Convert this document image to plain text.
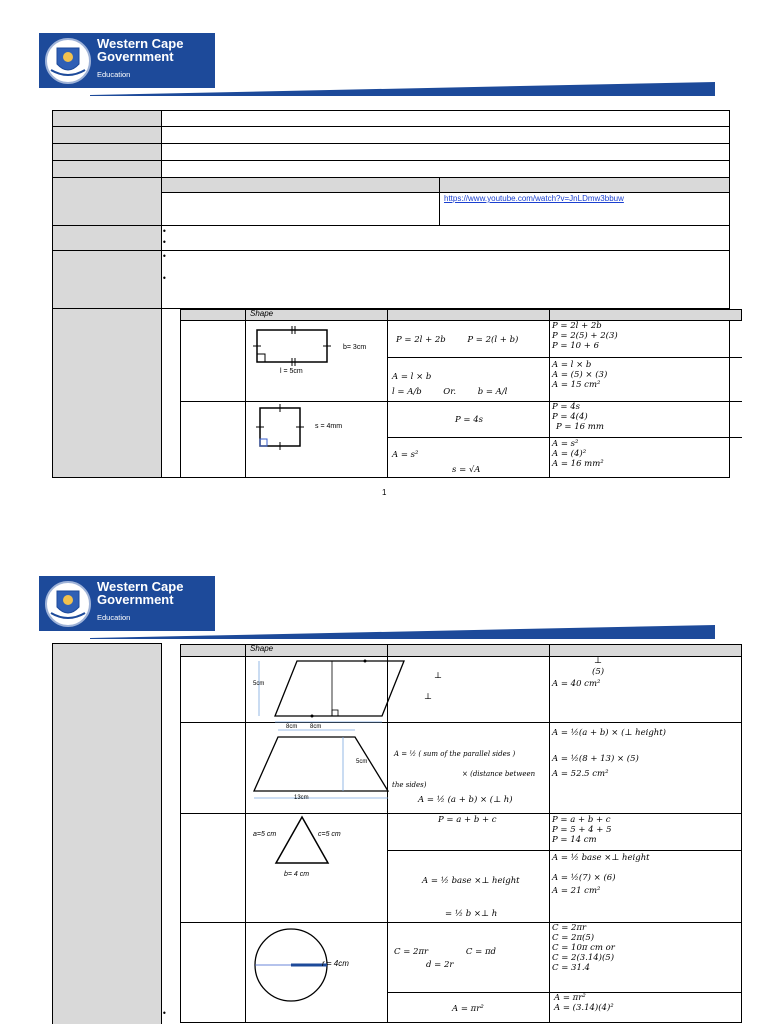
Western Cape
Government
Education
https://www.youtube.com/watch?v=JnLDmw3bbuw
•
•
•
•
Shape
b= 3cm
l = 5cm
P = 2l + 2b        P = 2(l + b)
P = 2l + 2b
P = 2(5) + 2(3)
P = 10 + 6
A = l × b
l = A/b        Or.        b = A/l
A = l × b
A = (5) × (3)
A = 15 cm²
s = 4mm
P = 4s
P = 4s
P = 4(4)
P = 16 mm
A = s²
s = √A
A = s²
A = (4)²
A = 16 mm²
1
Western Cape
Government
Education
•
Shape
5cm
8cm
⊥
⊥
⊥
(5)
A = 40 cm²
8cm
5cm
13cm
A = ½ ( sum of the parallel sides )
× (distance between
the sides)
A = ½ (a + b) × (⊥ h)
A = ½(a + b) × (⊥ height)
A = ½(8 + 13) × (5)
A = 52.5 cm²
a=5 cm	c=5 cm
b= 4 cm
P = a + b + c	P = a + b + c
P = 5 + 4 + 5
P = 14 cm
A = ½ base ×⊥ height
= ½ b ×⊥ h
A = ½ base ×⊥ height
A = ½(7) × (6)
A = 21 cm²
r = 4cm
C = 2πr              C = πd
d = 2r
C = 2πr
C = 2π(5)
C = 10π cm or
C = 2(3.14)(5)
C = 31.4
A = πr²
A = πr²
A = (3.14)(4)²
